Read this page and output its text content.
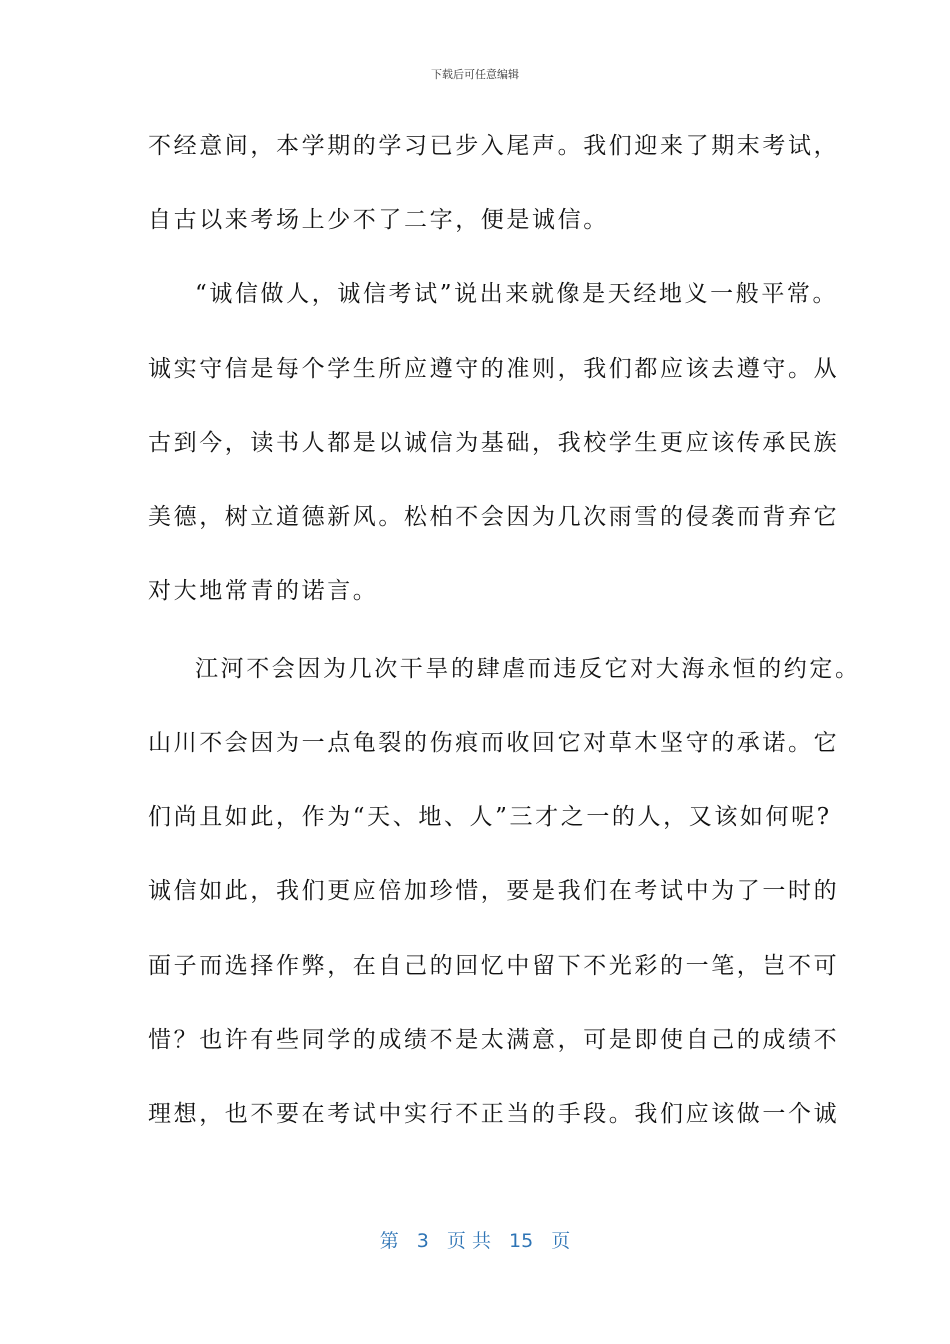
下载后可任意编辑
不经意间，本学期的学习已步入尾声。我们迎来了期末考试，
自古以来考场上少不了二字，便是诚信。
“诚信做人，诚信考试”说出来就像是天经地义一般平常。
诚实守信是每个学生所应遵守的准则，我们都应该去遵守。从
古到今，读书人都是以诚信为基础，我校学生更应该传承民族
美德，树立道德新风。松柏不会因为几次雨雪的侵袭而背弃它
对大地常青的诺言。
江河不会因为几次干旱的肆虐而违反它对大海永恒的约定。
山川不会因为一点龟裂的伤痕而收回它对草木坚守的承诺。它
们尚且如此，作为“天、地、人”三才之一的人，又该如何呢?
诚信如此，我们更应倍加珍惜，要是我们在考试中为了一时的
面子而选择作弊，在自己的回忆中留下不光彩的一笔，岂不可
惜？也许有些同学的成绩不是太满意，可是即使自己的成绩不
理想，也不要在考试中实行不正当的手段。我们应该做一个诚
第 3 页 共 15 页
